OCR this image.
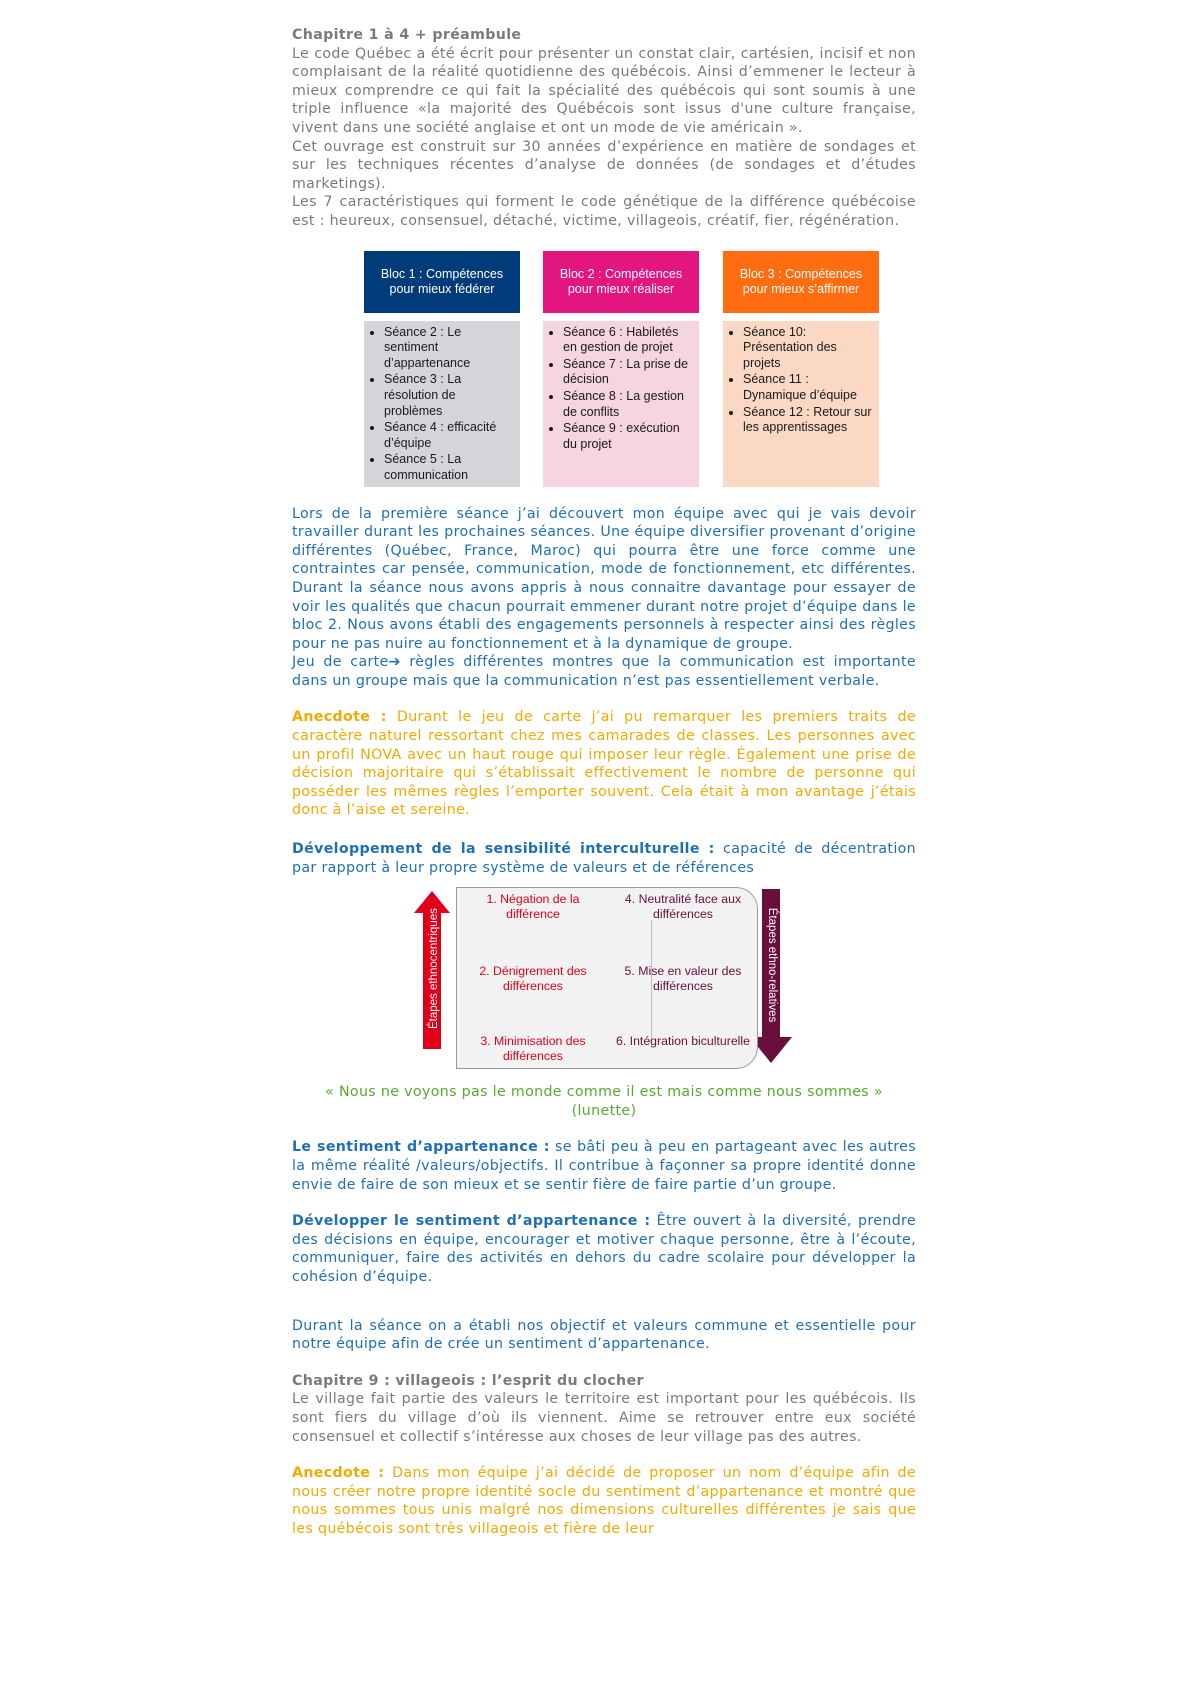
Chapitre 1 à 4 + préambule

Le code Québec a été écrit pour présenter un constat clair, cartésien, incisif et non complaisant de la réalité quotidienne des québécois. Ainsi d’emmener le lecteur à mieux comprendre ce qui fait la spécialité des québécois qui sont soumis à une triple influence «la majorité des Québécois sont issus d'une culture française, vivent dans une société anglaise et ont un mode de vie américain ».

Cet ouvrage est construit sur 30 années d’expérience en matière de sondages et sur les techniques récentes d’analyse de données (de sondages et d’études marketings).

Les 7 caractéristiques qui forment le code génétique de la différence québécoise est : heureux, consensuel, détaché, victime, villageois, créatif, fier, régénération.

Bloc 1 : Compétences pour mieux fédérer
• Séance 2 : Le sentiment d’appartenance
• Séance 3 : La résolution de problèmes
• Séance 4 : efficacité d’équipe
• Séance 5 : La communication
Bloc 2 : Compétences pour mieux réaliser
• Séance 6 : Habiletés en gestion de projet
• Séance 7 : La prise de décision
• Séance 8 : La gestion de conflits
• Séance 9 : exécution du projet
Bloc 3 : Compétences pour mieux s’affirmer
• Séance 10: Présentation des projets
• Séance 11 : Dynamique d’équipe
• Séance 12 : Retour sur les apprentissages

Lors de la première séance j’ai découvert mon équipe avec qui je vais devoir travailler durant les prochaines séances. Une équipe diversifier provenant d’origine différentes (Québec, France, Maroc) qui pourra être une force comme une contraintes car pensée, communication, mode de fonctionnement, etc différentes. Durant la séance nous avons appris à nous connaitre davantage pour essayer de voir les qualités que chacun pourrait emmener durant notre projet d’équipe dans le bloc 2. Nous avons établi des engagements personnels à respecter ainsi des règles pour ne pas nuire au fonctionnement et à la dynamique de groupe.

Jeu de carte➔ règles différentes montres que la communication est importante dans un groupe mais que la communication n’est pas essentiellement verbale.

Anecdote : Durant le jeu de carte j’ai pu remarquer les premiers traits de caractère naturel ressortant chez mes camarades de classes. Les personnes avec un profil NOVA avec un haut rouge qui imposer leur règle. Également une prise de décision majoritaire qui s’établissait effectivement le nombre de personne qui posséder les mêmes règles l’emporter souvent. Cela était à mon avantage j’étais donc à l’aise et sereine.

Développement de la sensibilité interculturelle : capacité de décentration par rapport à leur propre système de valeurs et de références

1. Négation de la différence
2. Dénigrement des différences
3. Minimisation des différences
4. Neutralité face aux différences
5. Mise en valeur des différences
6. Intégration biculturelle
Étapes ethnocentriques	Étapes ethno-relatives

« Nous ne voyons pas le monde comme il est mais comme nous sommes »

(lunette)

Le sentiment d’appartenance : se bâti peu à peu en partageant avec les autres la même réalité /valeurs/objectifs. Il contribue à façonner sa propre identité donne envie de faire de son mieux et se sentir fière de faire partie d’un groupe.

Développer le sentiment d’appartenance : Être ouvert à la diversité, prendre des décisions en équipe, encourager et motiver chaque personne, être à l’écoute, communiquer, faire des activités en dehors du cadre scolaire pour développer la cohésion d’équipe.

Durant la séance on a établi nos objectif et valeurs commune et essentielle pour notre équipe afin de crée un sentiment d’appartenance.

Chapitre 9 : villageois : l’esprit du clocher

Le village fait partie des valeurs le territoire est important pour les québécois. Ils sont fiers du village d’où ils viennent. Aime se retrouver entre eux société consensuel et collectif s’intéresse aux choses de leur village pas des autres.

Anecdote : Dans mon équipe j’ai décidé de proposer un nom d’équipe afin de nous créer notre propre identité socle du sentiment d’appartenance et montré que nous sommes tous unis malgré nos dimensions culturelles différentes je sais que les québécois sont très villageois et fière de leur
